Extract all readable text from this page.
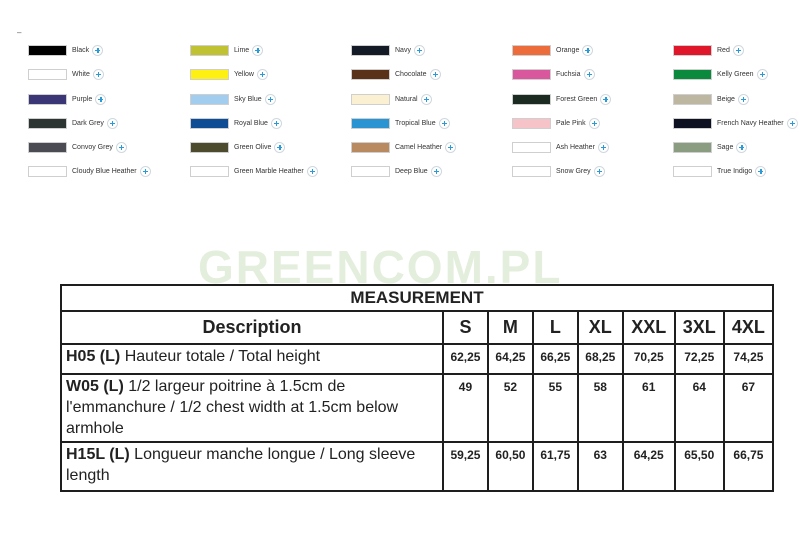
–
Black	Lime	Navy	Orange	Red
White	Yellow	Chocolate	Fuchsia	Kelly Green
Purple	Sky Blue	Natural	Forest Green	Beige
Dark Grey	Royal Blue	Tropical Blue	Pale Pink	French Navy Heather
Convoy Grey	Green Olive	Camel Heather	Ash Heather	Sage
Cloudy Blue Heather	Green Marble Heather	Deep Blue	Snow Grey	True Indigo
GREENCOM.PL
MEASUREMENT							
Description	S	M	L	XL	XXL	3XL	4XL
H05 (L) Hauteur totale / Total height	62,25	64,25	66,25	68,25	70,25	72,25	74,25
W05 (L) 1/2 largeur poitrine à 1.5cm de l'emmanchure / 1/2 chest width at 1.5cm below armhole	49	52	55	58	61	64	67
H15L (L) Longueur manche longue / Long sleeve length	59,25	60,50	61,75	63	64,25	65,50	66,75
